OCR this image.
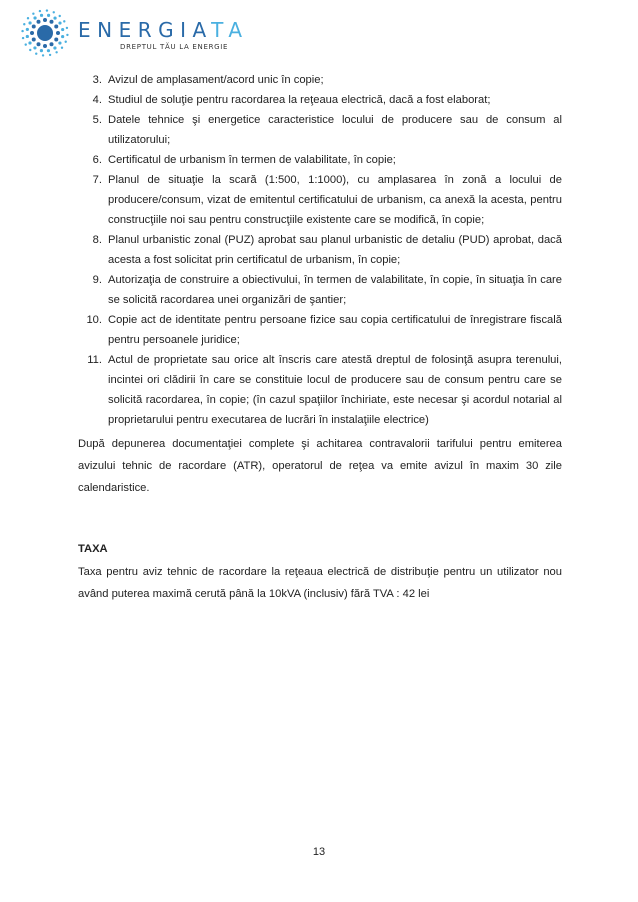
ENERGIATA
DREPTUL TĂU LA ENERGIE
3. Avizul de amplasament/acord unic în copie;
4. Studiul de soluţie pentru racordarea la reţeaua electrică, dacă a fost elaborat;
5. Datele tehnice şi energetice caracteristice locului de producere sau de consum al utilizatorului;
6. Certificatul de urbanism în termen de valabilitate, în copie;
7. Planul de situaţie la scară (1:500, 1:1000), cu amplasarea în zonă a locului de producere/consum, vizat de emitentul certificatului de urbanism, ca anexă la acesta, pentru construcţiile noi sau pentru construcţiile existente care se modifică, în copie;
8. Planul urbanistic zonal (PUZ) aprobat sau planul urbanistic de detaliu (PUD) aprobat, dacă acesta a fost solicitat prin certificatul de urbanism, în copie;
9. Autorizaţia de construire a obiectivului, în termen de valabilitate, în copie, în situaţia în care se solicită racordarea unei organizări de şantier;
10. Copie act de identitate pentru persoane fizice sau copia certificatului de înregistrare fiscală pentru persoanele juridice;
11. Actul de proprietate sau orice alt înscris care atestă dreptul de folosinţă asupra terenului, incintei ori clădirii în care se constituie locul de producere sau de consum pentru care se solicită racordarea, în copie; (în cazul spaţiilor închiriate, este necesar şi acordul notarial al proprietarului pentru executarea de lucrări în instalaţiile electrice)
După depunerea documentaţiei complete şi achitarea contravalorii tarifului pentru emiterea avizului tehnic de racordare (ATR), operatorul de reţea va emite avizul în maxim 30 zile calendaristice.
TAXA
Taxa pentru aviz tehnic de racordare la reţeaua electrică de distribuţie pentru un utilizator nou având puterea maximă cerută până la 10kVA (inclusiv) fără TVA : 42 lei
13
